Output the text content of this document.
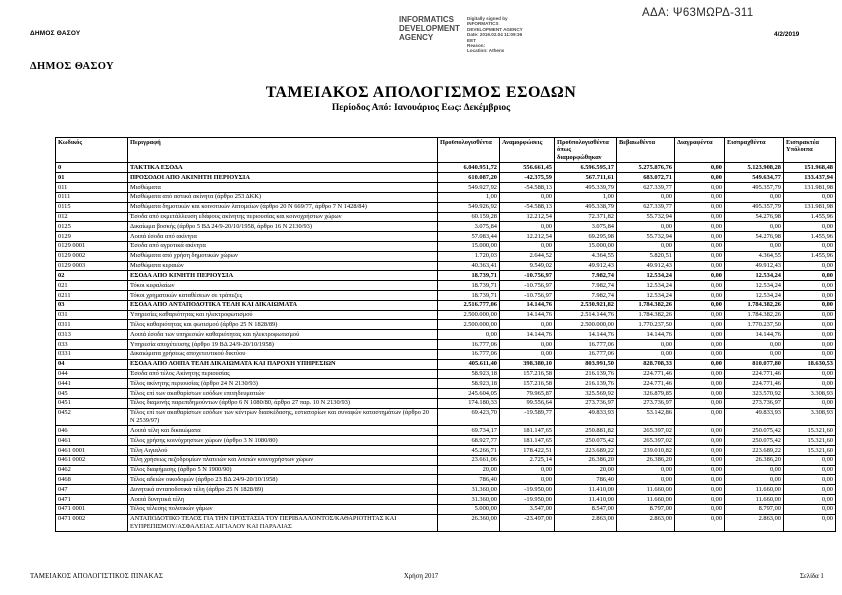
ΔΗΜΟΣ ΘΑΣΟΥ
ΑΔΑ: Ψ63ΜΩΡΔ-311
INFORMATICS DEVELOPMENT AGENCY
Digitally signed by
INFORMATICS
DEVELOPMENT AGENCY
Date: 2019.02.04 11:09:36
EET
Reason:
Location: Athens
4/2/2019
ΔΗΜΟΣ ΘΑΣΟΥ
ΤΑΜΕΙΑΚΟΣ ΑΠΟΛΟΓΙΣΜΟΣ ΕΣΟΔΩΝ
Περίοδος Από: Ιανουάριος Εως: Δεκέμβριος
Κωδικός	Περιγραφή	Προϋπολογισθέντα	Αναμορφώσεις	Προϋπολογισθέντα όπως διαμορφώθηκαν	Βεβαιωθέντα	Διαγραφέντα	Εισπραχθέντα	Εισπρακτέα Υπόλοιπα
0	ΤΑΚΤΙΚΑ ΕΣΟΔΑ	6.040.951,72	556.661,45	6.596.595,17	5.275.876,76	0,00	5.123.908,28	151.968,48
01	ΠΡΟΣΟΔΟΙ ΑΠΟ ΑΚΙΝΗΤΗ ΠΕΡΙΟΥΣΙΑ	610.087,20	-42.375,59	567.711,61	683.072,71	0,00	549.634,77	133.437,94
011	Μισθώματα	549.927,92	-54.588,13	495.339,79	627.339,77	0,00	495.357,79	131.981,98
0111	Μισθώματα από αστικά ακίνητα (άρθρο 253 ΔΚΚ)	1,00	0,00	1,00	0,00	0,00	0,00	0,00
0115	Μισθώματα δημοτικών και κοινοτικών λατομείων (άρθρο 20 Ν 669/77, άρθρο 7 Ν 1428/84)	549.926,92	-54.588,13	495.338,79	627.339,77	0,00	495.357,79	131.981,98
012	Έσοδα από εκμετάλλευση εδάφους ακίνητης περιουσίας και κοινοχρήστων χώρων	60.159,28	12.212,54	72.371,82	55.732,94	0,00	54.276,98	1.455,96
0125	Δικαίωμα βοσκής (άρθρο 5 ΒΔ 24/9-20/10/1958, άρθρο 16 Ν 2130/93)	3.075,84	0,00	3.075,84	0,00	0,00	0,00	0,00
0129	Λοιπά έσοδα από ακίνητα	57.083,44	12.212,54	69.295,98	55.732,94	0,00	54.276,98	1.455,96
0129 0001	Έσοδα από αγροτικά ακίνητα	15.000,00	0,00	15.000,00	0,00	0,00	0,00	0,00
0129 0002	Μισθώματα από χρήση δημοτικών χώρων	1.720,03	2.644,52	4.364,55	5.820,51	0,00	4.364,55	1.455,96
0129 0003	Μισθώματα κεραιών	40.363,41	9.549,02	49.912,43	49.912,43	0,00	49.912,43	0,00
02	ΕΣΟΔΑ ΑΠΟ ΚΙΝΗΤΗ ΠΕΡΙΟΥΣΙΑ	18.739,71	-10.756,97	7.982,74	12.534,24	0,00	12.534,24	0,00
021	Τόκοι κεφαλαίων	18.739,71	-10.756,97	7.982,74	12.534,24	0,00	12.534,24	0,00
0211	Τόκοι χρηματικών καταθέσεων σε τράπεζες	18.739,71	-10.756,97	7.982,74	12.534,24	0,00	12.534,24	0,00
03	ΕΣΟΔΑ ΑΠΟ ΑΝΤΑΠΟΔΟΤΙΚΑ ΤΕΛΗ ΚΑΙ ΔΙΚΑΙΩΜΑΤΑ	2.516.777,06	14.144,76	2.530.921,82	1.784.382,26	0,00	1.784.382,26	0,00
031	Υπηρεσίες καθαριότητας και ηλεκτροφωτισμού	2.500.000,00	14.144,76	2.514.144,76	1.784.382,26	0,00	1.784.382,26	0,00
0311	Τέλος καθαριότητας και φωτισμού (άρθρο 25 Ν 1828/89)	2.500.000,00	0,00	2.500.000,00	1.770.237,50	0,00	1.770.237,50	0,00
0313	Λοιπά έσοδα των υπηρεσιών καθαριότητας και ηλεκτροφωτισμού	0,00	14.144,76	14.144,76	14.144,76	0,00	14.144,76	0,00
033	Υπηρεσία αποχέτευσης (άρθρο 19 ΒΔ 24/9-20/10/1958)	16.777,06	0,00	16.777,06	0,00	0,00	0,00	0,00
0331	Δικαιώματα χρήσεως αποχετευτικού δικτύου	16.777,06	0,00	16.777,06	0,00	0,00	0,00	0,00
04	ΕΣΟΔΑ ΑΠΟ ΛΟΙΠΑ ΤΕΛΗ ΔΙΚΑΙΩΜΑΤΑ ΚΑΙ ΠΑΡΟΧΗ ΥΠΗΡΕΣΙΩΝ	405.611,40	398.380,10	803.991,50	828.708,33	0,00	810.077,80	18.630,53
044	Έσοδα από τέλος Ακίνητης περιουσίας	58.923,18	157.216,58	216.139,76	224.771,46	0,00	224.771,46	0,00
0441	Τέλος ακίνητης περιουσίας (άρθρο 24 Ν 2130/93)	58.923,18	157.216,58	216.139,76	224.771,46	0,00	224.771,46	0,00
045	Τέλος επί των ακαθαρίστων εσόδων επιτηδευματιών	245.604,05	79.965,87	325.569,92	326.879,85	0,00	323.570,92	3.308,93
0451	Τέλος διαμονής παρεπιδημούντων (άρθρο 6 Ν 1080/80, άρθρο 27 παρ. 10 Ν 2130/93)	174.180,33	99.556,64	273.736,97	273.736,97	0,00	273.736,97	0,00
0452	Τέλος επί των ακαθαρίστων εσόδων των κέντρων διασκέδασης, εστιατορίων και συναφών καταστημάτων (άρθρο 20 Ν 2539/97)	69.423,70	-19.589,77	49.833,93	53.142,86	0,00	49.833,93	3.308,93
046	Λοιπά τέλη και δικαιώματα	69.734,17	181.147,65	250.881,82	265.397,02	0,00	250.075,42	15.321,60
0461	Τέλος χρήσης κοινόχρηστων χώρων (άρθρο 3 Ν 1080/80)	68.927,77	181.147,65	250.075,42	265.397,02	0,00	250.075,42	15.321,60
0461 0001	Τέλη Αιγιαλού	45.266,71	178.422,51	223.689,22	239.010,82	0,00	223.689,22	15.321,60
0461 0002	Τέλη χρήσεως πεζοδρομίων πλατειών και λοιπών κοινοχρήστων χώρων	23.661,06	2.725,14	26.386,20	26.386,20	0,00	26.386,20	0,00
0462	Τέλος διαφήμισης (άρθρο 5 Ν 1900/90)	20,00	0,00	20,00	0,00	0,00	0,00	0,00
0468	Τέλος αδειών οικοδομών (άρθρο 23 ΒΔ 24/9-20/10/1958)	786,40	0,00	786,40	0,00	0,00	0,00	0,00
047	Δυνητικά ανταποδοτικά τέλη (άρθρο 25 Ν 1828/89)	31.360,00	-19.950,00	11.410,00	11.660,00	0,00	11.660,00	0,00
0471	Λοιπά δυνητικά τέλη	31.360,00	-19.950,00	11.410,00	11.660,00	0,00	11.660,00	0,00
0471 0001	Τέλος τέλεσης πολιτικών γάμων	5.000,00	3.547,00	8.547,00	8.797,00	0,00	8.797,00	0,00
0471 0002	ΑΝΤΑΠΟΔΟΤΙΚΟ ΤΕΛΟΣ ΓΙΑ ΤΗΝ ΠΡΟΣΤΑΣΙΑ ΤΟΥ ΠΕΡΙΒΑΛΛΟΝΤΟΣ/ΚΑΘΑΡΙΟΤΗΤΑΣ ΚΑΙ ΕΥΠΡΕΠΙΣΜΟΥ/ΑΣΦΑΛΕΙΑΣ ΑΙΓΙΑΛΟΥ ΚΑΙ ΠΑΡΑΛΙΑΣ	26.360,00	-23.497,00	2.863,00	2.863,00	0,00	2.863,00	0,00
ΤΑΜΕΙΑΚΟΣ ΑΠΟΛΟΓΙΣΤΙΚΟΣ ΠΙΝΑΚΑΣ	Χρήση 2017	Σελίδα 1
